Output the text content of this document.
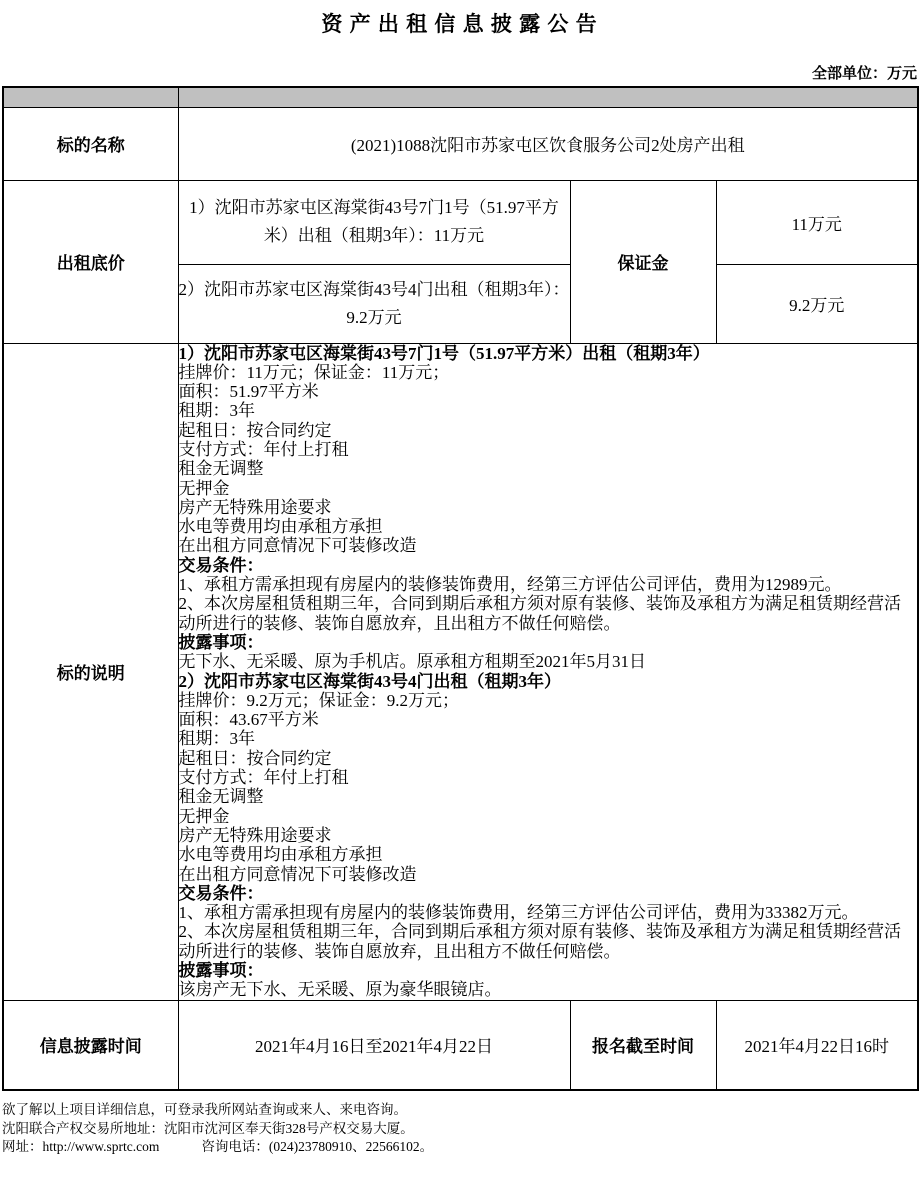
资 产 出 租 信 息 披 露 公 告
全部单位：万元

标的名称	(2021)1088沈阳市苏家屯区饮食服务公司2处房产出租		
出租底价	1）沈阳市苏家屯区海棠街43号7门1号（51.97平方米）出租（租期3年）：11万元	保证金	11万元
	2）沈阳市苏家屯区海棠街43号4门出租（租期3年）：9.2万元		9.2万元
标的说明	
1）沈阳市苏家屯区海棠街43号7门1号（51.97平方米）出租（租期3年）
挂牌价：11万元；保证金：11万元；
面积：51.97平方米
租期：3年
起租日：按合同约定
支付方式：年付上打租
租金无调整
无押金
房产无特殊用途要求
水电等费用均由承租方承担
在出租方同意情况下可装修改造
交易条件：
1、承租方需承担现有房屋内的装修装饰费用，经第三方评估公司评估，费用为12989元。
2、本次房屋租赁租期三年，合同到期后承租方须对原有装修、装饰及承租方为满足租赁期经营活动所进行的装修、装饰自愿放弃，且出租方不做任何赔偿。
披露事项：
无下水、无采暖、原为手机店。原承租方租期至2021年5月31日
2）沈阳市苏家屯区海棠街43号4门出租（租期3年）
挂牌价：9.2万元；保证金：9.2万元；
面积：43.67平方米
租期：3年
起租日：按合同约定
支付方式：年付上打租
租金无调整
无押金
房产无特殊用途要求
水电等费用均由承租方承担
在出租方同意情况下可装修改造
交易条件：
1、承租方需承担现有房屋内的装修装饰费用，经第三方评估公司评估，费用为33382万元。
2、本次房屋租赁租期三年，合同到期后承租方须对原有装修、装饰及承租方为满足租赁期经营活动所进行的装修、装饰自愿放弃，且出租方不做任何赔偿。
披露事项：
该房产无下水、无采暖、原为豪华眼镜店。

信息披露时间	2021年4月16日至2021年4月22日	报名截至时间	2021年4月22日16时
欲了解以上项目详细信息，可登录我所网站查询或来人、来电咨询。
沈阳联合产权交易所地址：沈阳市沈河区奉天街328号产权交易大厦。
网址：http://www.sprtc.com	咨询电话：(024)23780910、22566102。
